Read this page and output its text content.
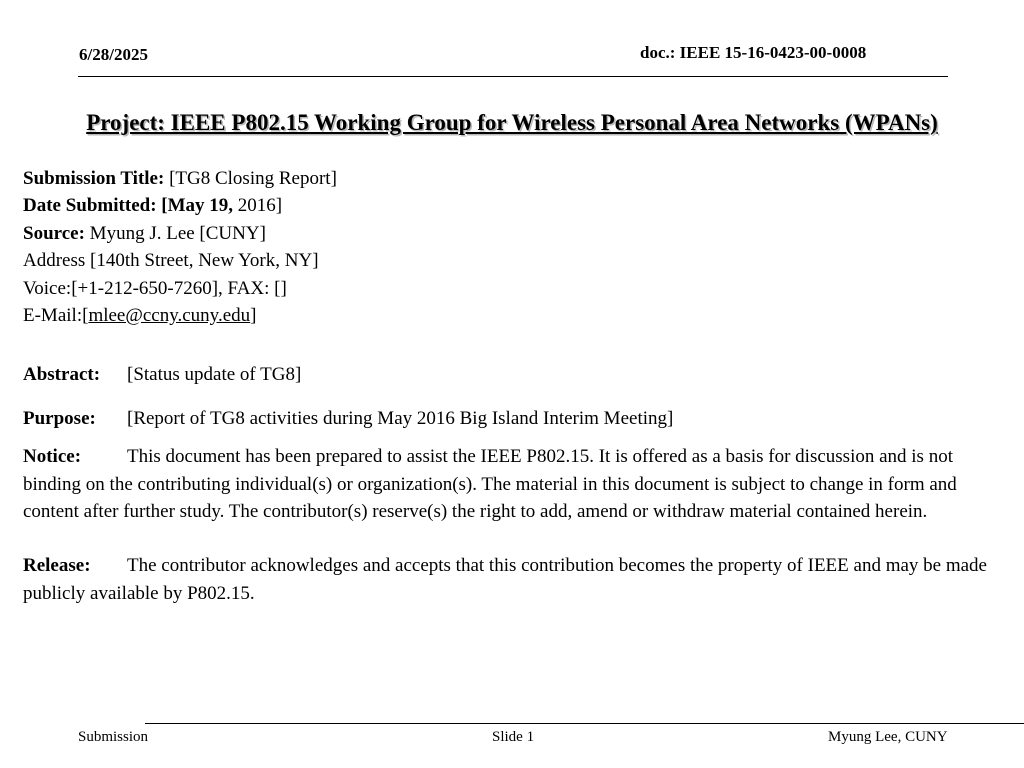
6/28/2025	doc.: IEEE 15-16-0423-00-0008
Project: IEEE P802.15 Working Group for Wireless Personal Area Networks (WPANs)
Submission Title: [TG8 Closing Report]
Date Submitted: [May 19, 2016]
Source: Myung J. Lee [CUNY]
Address [140th Street, New York, NY]
Voice:[+1-212-650-7260], FAX: []
E-Mail:[mlee@ccny.cuny.edu]
Abstract: [Status update of TG8]
Purpose: [Report of TG8 activities during May 2016 Big Island Interim Meeting]
Notice: This document has been prepared to assist the IEEE P802.15. It is offered as a basis for discussion and is not binding on the contributing individual(s) or organization(s). The material in this document is subject to change in form and content after further study. The contributor(s) reserve(s) the right to add, amend or withdraw material contained herein.
Release: The contributor acknowledges and accepts that this contribution becomes the property of IEEE and may be made publicly available by P802.15.
Submission	Slide 1	Myung Lee, CUNY
